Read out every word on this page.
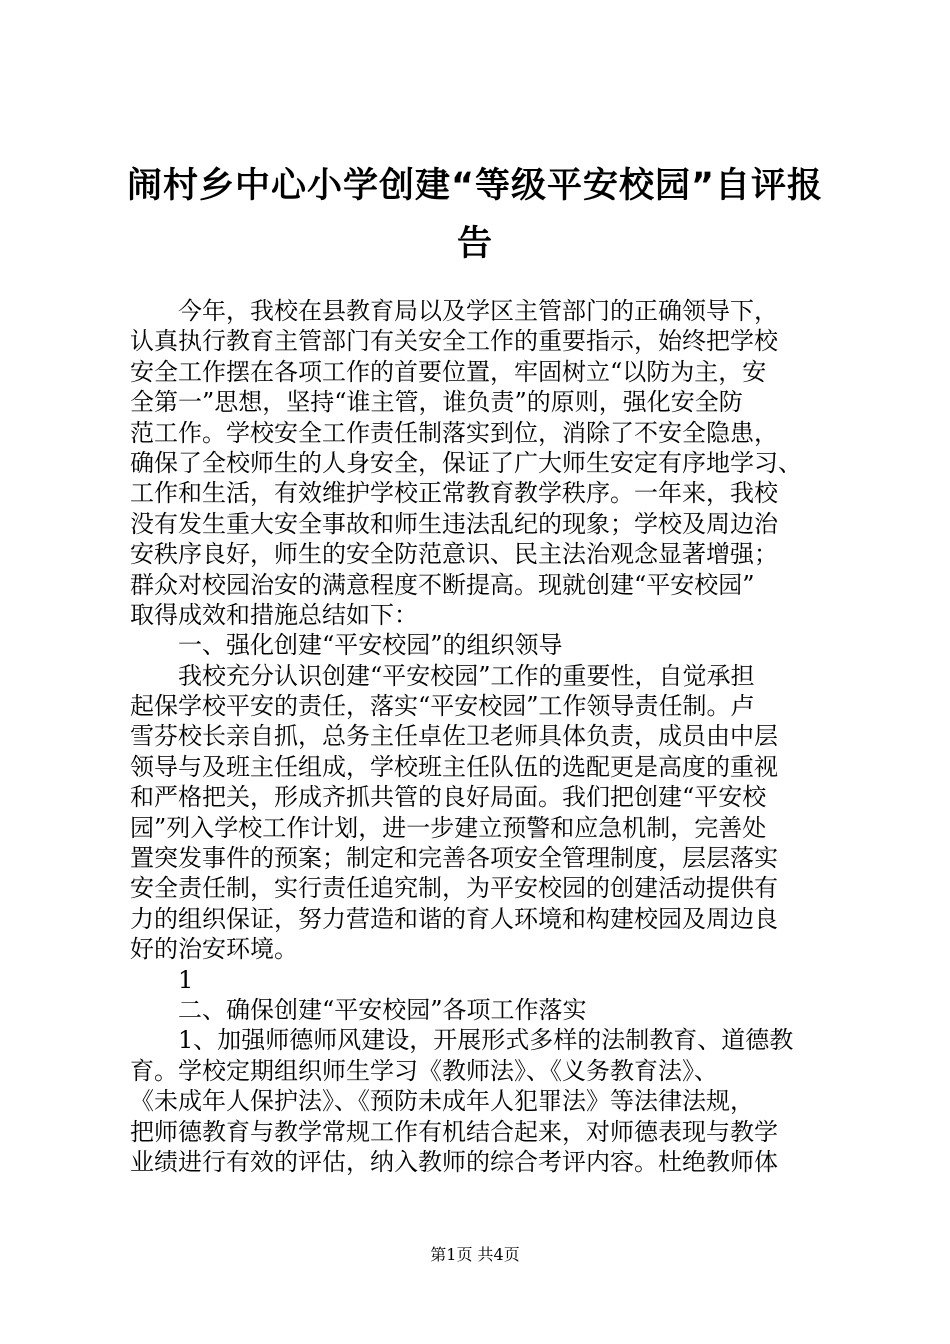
闹村乡中心小学创建“等级平安校园”自评报
告
今年，我校在县教育局以及学区主管部门的正确领导下，
认真执行教育主管部门有关安全工作的重要指示，始终把学校
安全工作摆在各项工作的首要位置，牢固树立“以防为主，安
全第一”思想，坚持“谁主管，谁负责”的原则，强化安全防
范工作。学校安全工作责任制落实到位，消除了不安全隐患，
确保了全校师生的人身安全，保证了广大师生安定有序地学习、
工作和生活，有效维护学校正常教育教学秩序。一年来，我校
没有发生重大安全事故和师生违法乱纪的现象；学校及周边治
安秩序良好，师生的安全防范意识、民主法治观念显著增强；
群众对校园治安的满意程度不断提高。现就创建“平安校园”
取得成效和措施总结如下：
一、强化创建“平安校园”的组织领导
我校充分认识创建“平安校园”工作的重要性，自觉承担
起保学校平安的责任，落实“平安校园”工作领导责任制。卢
雪芬校长亲自抓，总务主任卓佐卫老师具体负责，成员由中层
领导与及班主任组成，学校班主任队伍的选配更是高度的重视
和严格把关，形成齐抓共管的良好局面。我们把创建“平安校
园”列入学校工作计划，进一步建立预警和应急机制，完善处
置突发事件的预案；制定和完善各项安全管理制度，层层落实
安全责任制，实行责任追究制，为平安校园的创建活动提供有
力的组织保证，努力营造和谐的育人环境和构建校园及周边良
好的治安环境。
1
二、确保创建“平安校园”各项工作落实
1、加强师德师风建设，开展形式多样的法制教育、道德教
育。学校定期组织师生学习《教师法》、《义务教育法》、
《未成年人保护法》、《预防未成年人犯罪法》等法律法规，
把师德教育与教学常规工作有机结合起来，对师德表现与教学
业绩进行有效的评估，纳入教师的综合考评内容。杜绝教师体
第1页 共4页
